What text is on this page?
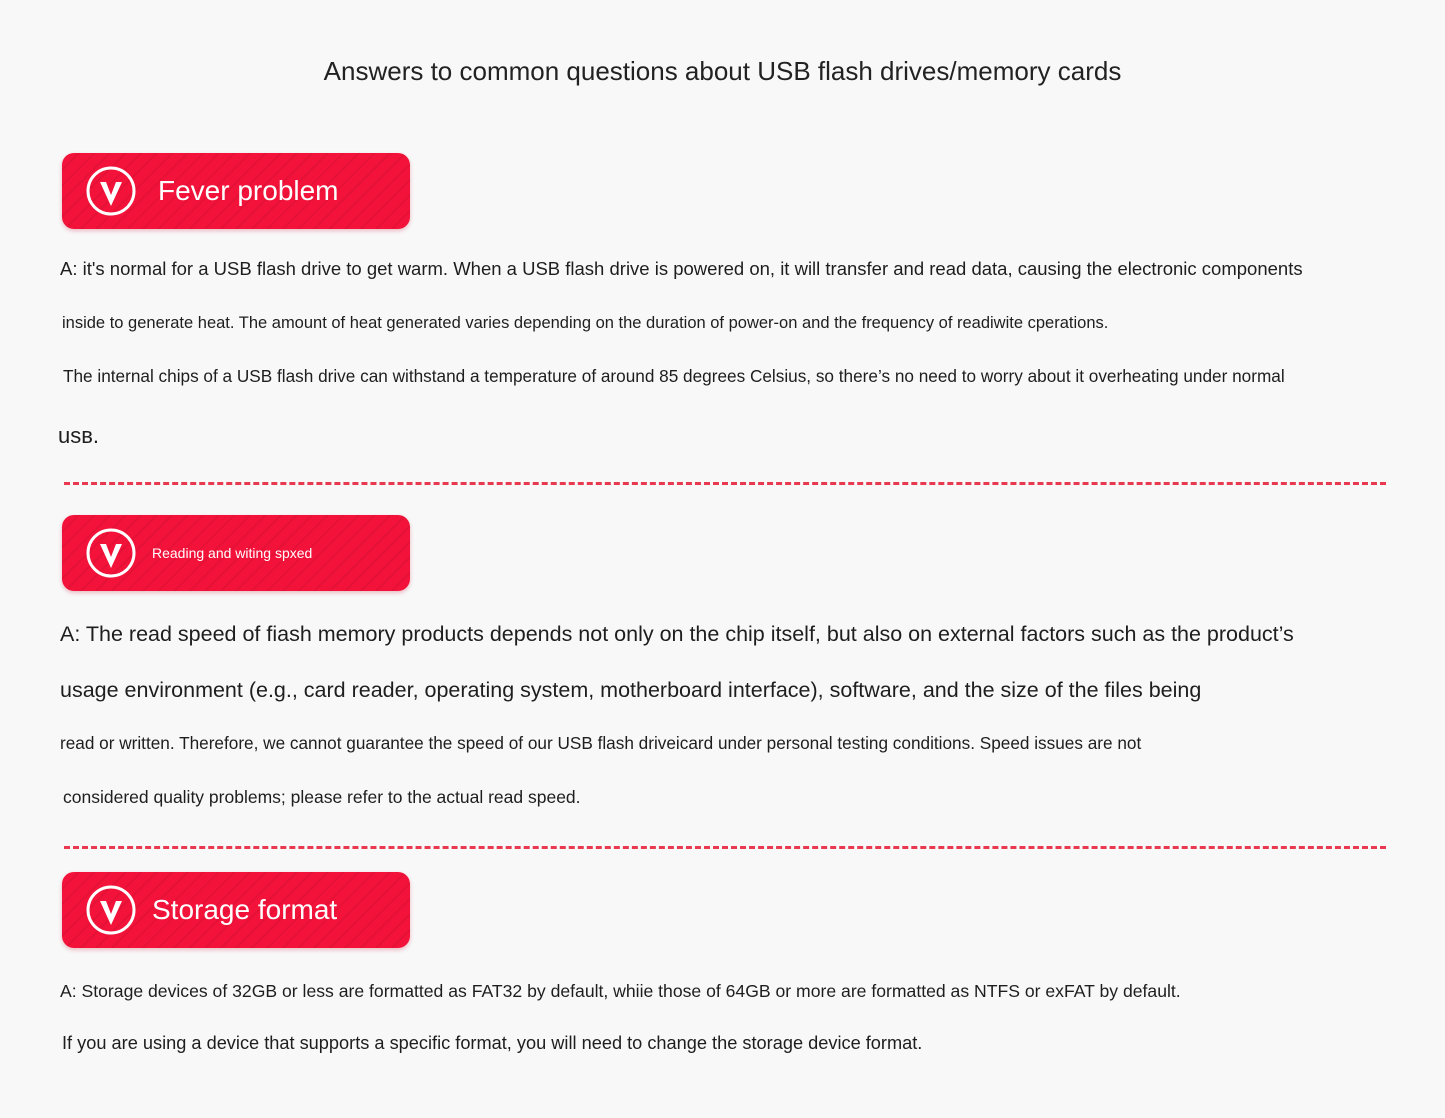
Answers to common questions about USB flash drives/memory cards
Fever problem
A: it's normal for a USB flash drive to get warm. When a USB flash drive is powered on, it will transfer and read data, causing the electronic components
inside to generate heat. The amount of heat generated varies depending on the duration of power-on and the frequency of readiwite cperations.
The internal chips of a USB flash drive can withstand a temperature of around 85 degrees Celsius, so there’s no need to worry about it overheating under normal
usв.
Reading and witing spxed
A: The read speed of fiash memory products depends not only on the chip itself, but also on external factors such as the product’s
usage environment (e.g., card reader, operating system, motherboard interface), software, and the size of the files being
read or written. Therefore, we cannot guarantee the speed of our USB flash driveicard under personal testing conditions. Speed issues are not
considered quality problems; please refer to the actual read speed.
Storage format
A: Storage devices of 32GB or less are formatted as FAT32 by default, whiie those of 64GB or more are formatted as NTFS or exFAT by default.
If you are using a device that supports a specific format, you will need to change the storage device format.
